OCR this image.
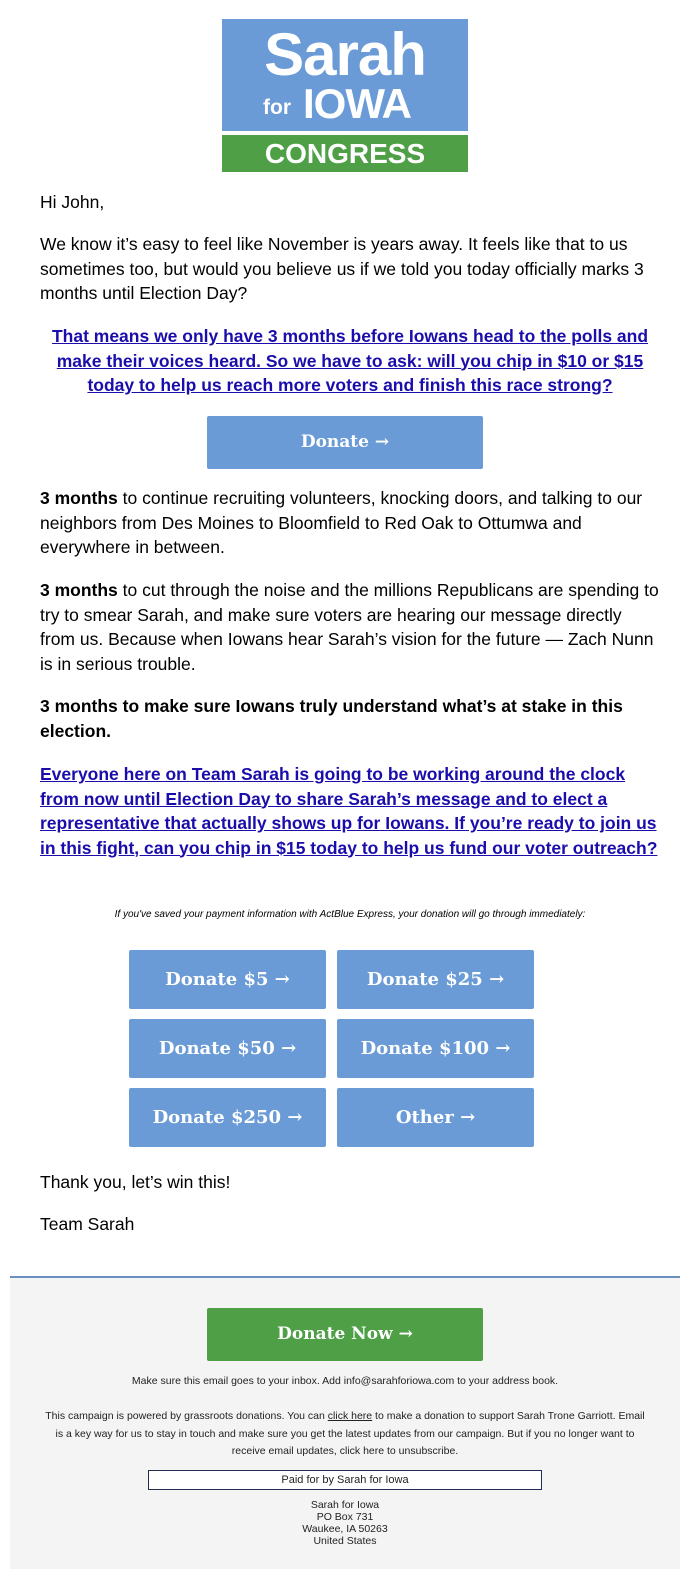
Sarah
for IOWA
CONGRESS

Hi John,

We know it’s easy to feel like November is years away. It feels like that to us sometimes too, but would you believe us if we told you today officially marks 3 months until Election Day?

That means we only have 3 months before Iowans head to the polls and make their voices heard. So we have to ask: will you chip in $10 or $15 today to help us reach more voters and finish this race strong?
Donate →

3 months to continue recruiting volunteers, knocking doors, and talking to our neighbors from Des Moines to Bloomfield to Red Oak to Ottumwa and everywhere in between.

3 months to cut through the noise and the millions Republicans are spending to try to smear Sarah, and make sure voters are hearing our message directly from us. Because when Iowans hear Sarah’s vision for the future — Zach Nunn is in serious trouble.

3 months to make sure Iowans truly understand what’s at stake in this election.

Everyone here on Team Sarah is going to be working around the clock from now until Election Day to share Sarah’s message and to elect a representative that actually shows up for Iowans. If you’re ready to join us in this fight, can you chip in $15 today to help us fund our voter outreach?
If you've saved your payment information with ActBlue Express, your donation will go through immediately:
Donate $5 →	Donate $25 →
Donate $50 →	Donate $100 →
Donate $250 →	Other →

Thank you, let’s win this!

Team Sarah

Donate Now →
Make sure this email goes to your inbox. Add info@sarahforiowa.com to your address book.
This campaign is powered by grassroots donations. You can click here to make a donation to support Sarah Trone Garriott. Email is a key way for us to stay in touch and make sure you get the latest updates from our campaign. But if you no longer want to receive email updates, click here to unsubscribe.
Paid for by Sarah for Iowa
Sarah for Iowa
PO Box 731
Waukee, IA 50263
United States
